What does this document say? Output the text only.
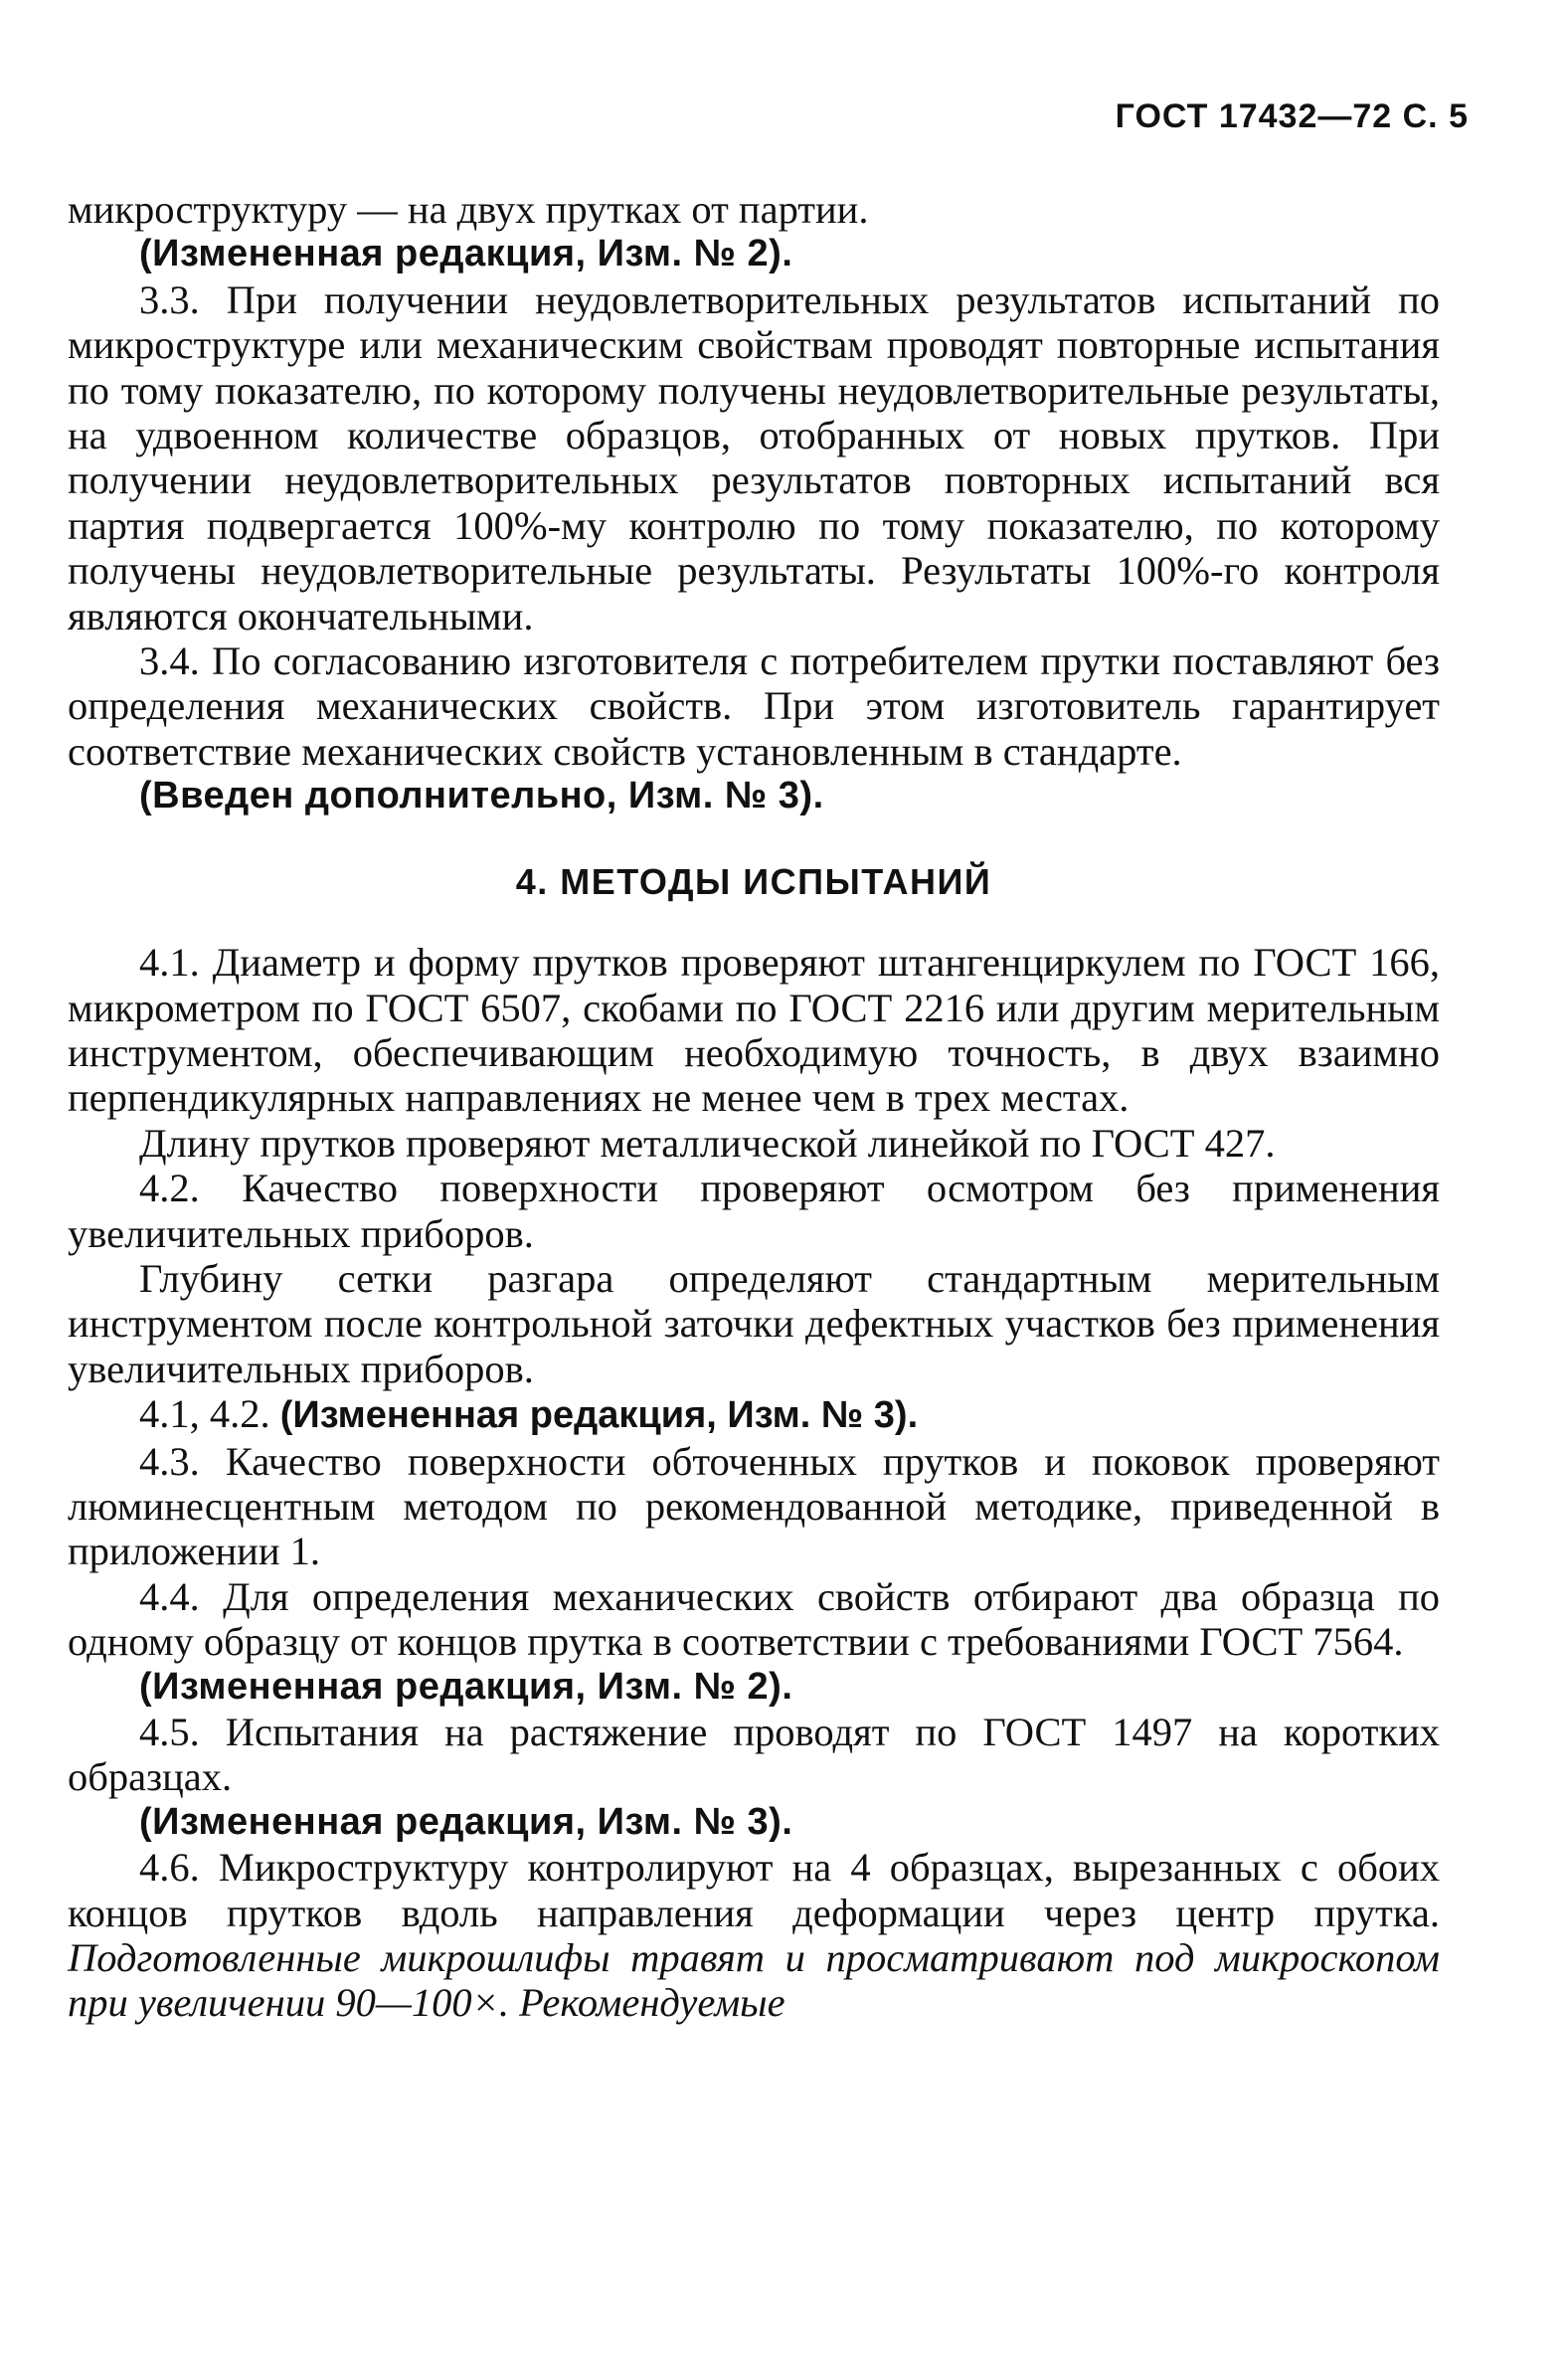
ГОСТ 17432—72 С. 5

микроструктуру — на двух прутках от партии.

(Измененная редакция, Изм. № 2).

3.3. При получении неудовлетворительных результатов испытаний по микроструктуре или механическим свойствам проводят повторные испытания по тому показателю, по которому получены неудовлетворительные результаты, на удвоенном количестве образцов, отобранных от новых прутков. При получении неудовлетворительных результатов повторных испытаний вся партия подвергается 100%-му контролю по тому показателю, по которому получены неудовлетворительные результаты. Результаты 100%-го контроля являются окончательными.

3.4. По согласованию изготовителя с потребителем прутки поставляют без определения механических свойств. При этом изготовитель гарантирует соответствие механических свойств установленным в стандарте.

(Введен дополнительно, Изм. № 3).

4. МЕТОДЫ ИСПЫТАНИЙ

4.1. Диаметр и форму прутков проверяют штангенциркулем по ГОСТ 166, микрометром по ГОСТ 6507, скобами по ГОСТ 2216 или другим мерительным инструментом, обеспечивающим необходимую точность, в двух взаимно перпендикулярных направлениях не менее чем в трех местах.

Длину прутков проверяют металлической линейкой по ГОСТ 427.

4.2. Качество поверхности проверяют осмотром без применения увеличительных приборов.

Глубину сетки разгара определяют стандартным мерительным инструментом после контрольной заточки дефектных участков без применения увеличительных приборов.

4.1, 4.2. (Измененная редакция, Изм. № 3).

4.3. Качество поверхности обточенных прутков и поковок проверяют люминесцентным методом по рекомендованной методике, приведенной в приложении 1.

4.4. Для определения механических свойств отбирают два образца по одному образцу от концов прутка в соответствии с требованиями ГОСТ 7564.

(Измененная редакция, Изм. № 2).

4.5. Испытания на растяжение проводят по ГОСТ 1497 на коротких образцах.

(Измененная редакция, Изм. № 3).

4.6. Микроструктуру контролируют на 4 образцах, вырезанных с обоих концов прутков вдоль направления деформации через центр прутка. Подготовленные микрошлифы травят и просматривают под микроскопом при увеличении 90—100×. Рекомендуемые
